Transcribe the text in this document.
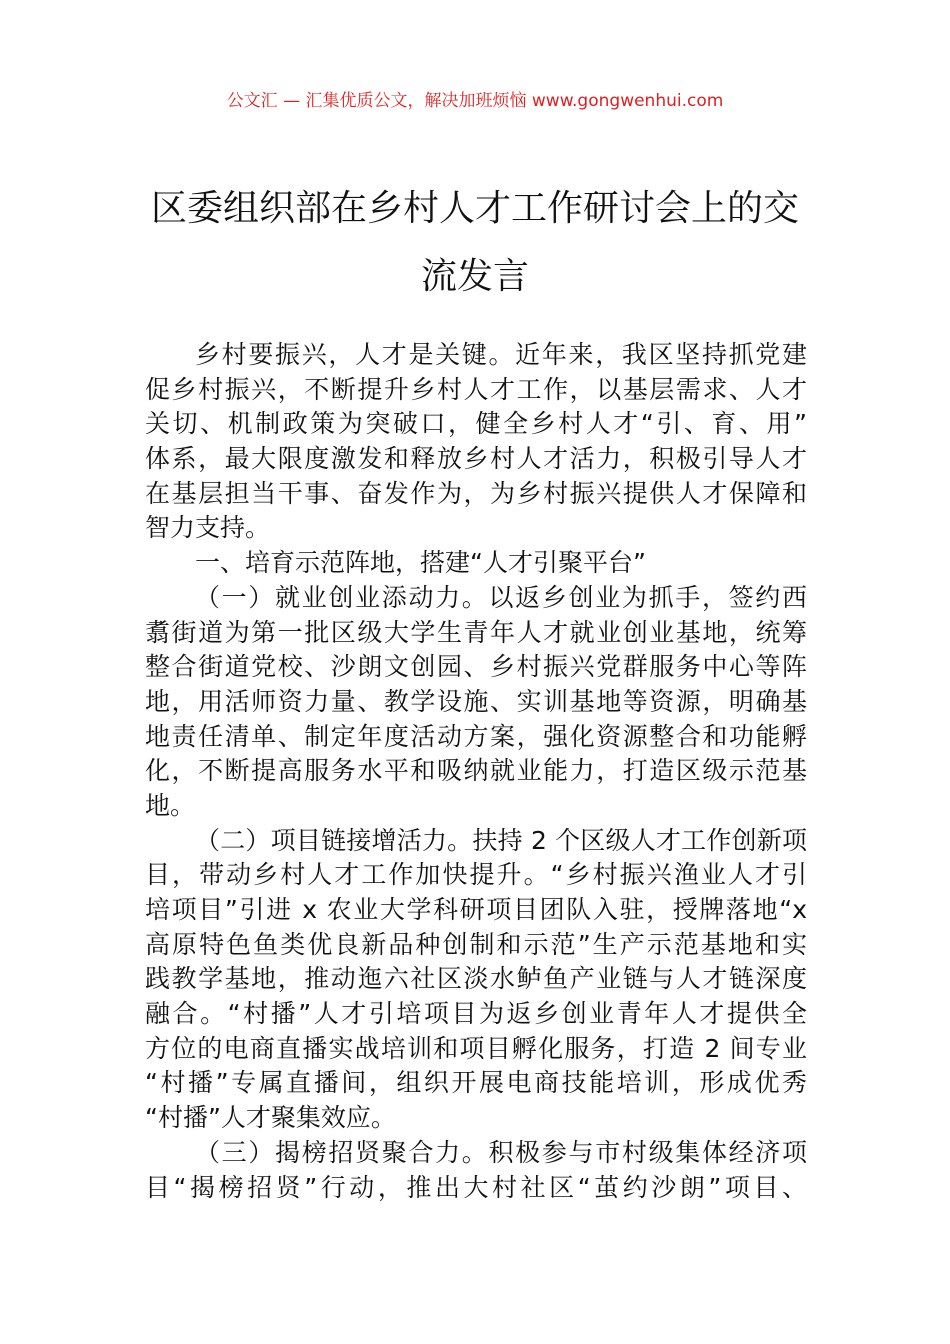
公文汇 — 汇集优质公文，解决加班烦恼 www.gongwenhui.com
区委组织部在乡村人才工作研讨会上的交
流发言
乡村要振兴，人才是关键。近年来，我区坚持抓党建
促乡村振兴，不断提升乡村人才工作，以基层需求、人才
关切、机制政策为突破口，健全乡村人才“引、育、用”
体系，最大限度激发和释放乡村人才活力，积极引导人才
在基层担当干事、奋发作为，为乡村振兴提供人才保障和
智力支持。
一、培育示范阵地，搭建“人才引聚平台”
（一）就业创业添动力。以返乡创业为抓手，签约西
翥街道为第一批区级大学生青年人才就业创业基地，统筹
整合街道党校、沙朗文创园、乡村振兴党群服务中心等阵
地，用活师资力量、教学设施、实训基地等资源，明确基
地责任清单、制定年度活动方案，强化资源整合和功能孵
化，不断提高服务水平和吸纳就业能力，打造区级示范基
地。
（二）项目链接增活力。扶持 2 个区级人才工作创新项
目，带动乡村人才工作加快提升。“乡村振兴渔业人才引
培项目”引进 x 农业大学科研项目团队入驻，授牌落地“x
高原特色鱼类优良新品种创制和示范”生产示范基地和实
践教学基地，推动迤六社区淡水鲈鱼产业链与人才链深度
融合。“村播”人才引培项目为返乡创业青年人才提供全
方位的电商直播实战培训和项目孵化服务，打造 2 间专业
“村播”专属直播间，组织开展电商技能培训，形成优秀
“村播”人才聚集效应。
（三）揭榜招贤聚合力。积极参与市村级集体经济项
目“揭榜招贤”行动，推出大村社区“茧约沙朗”项目、
